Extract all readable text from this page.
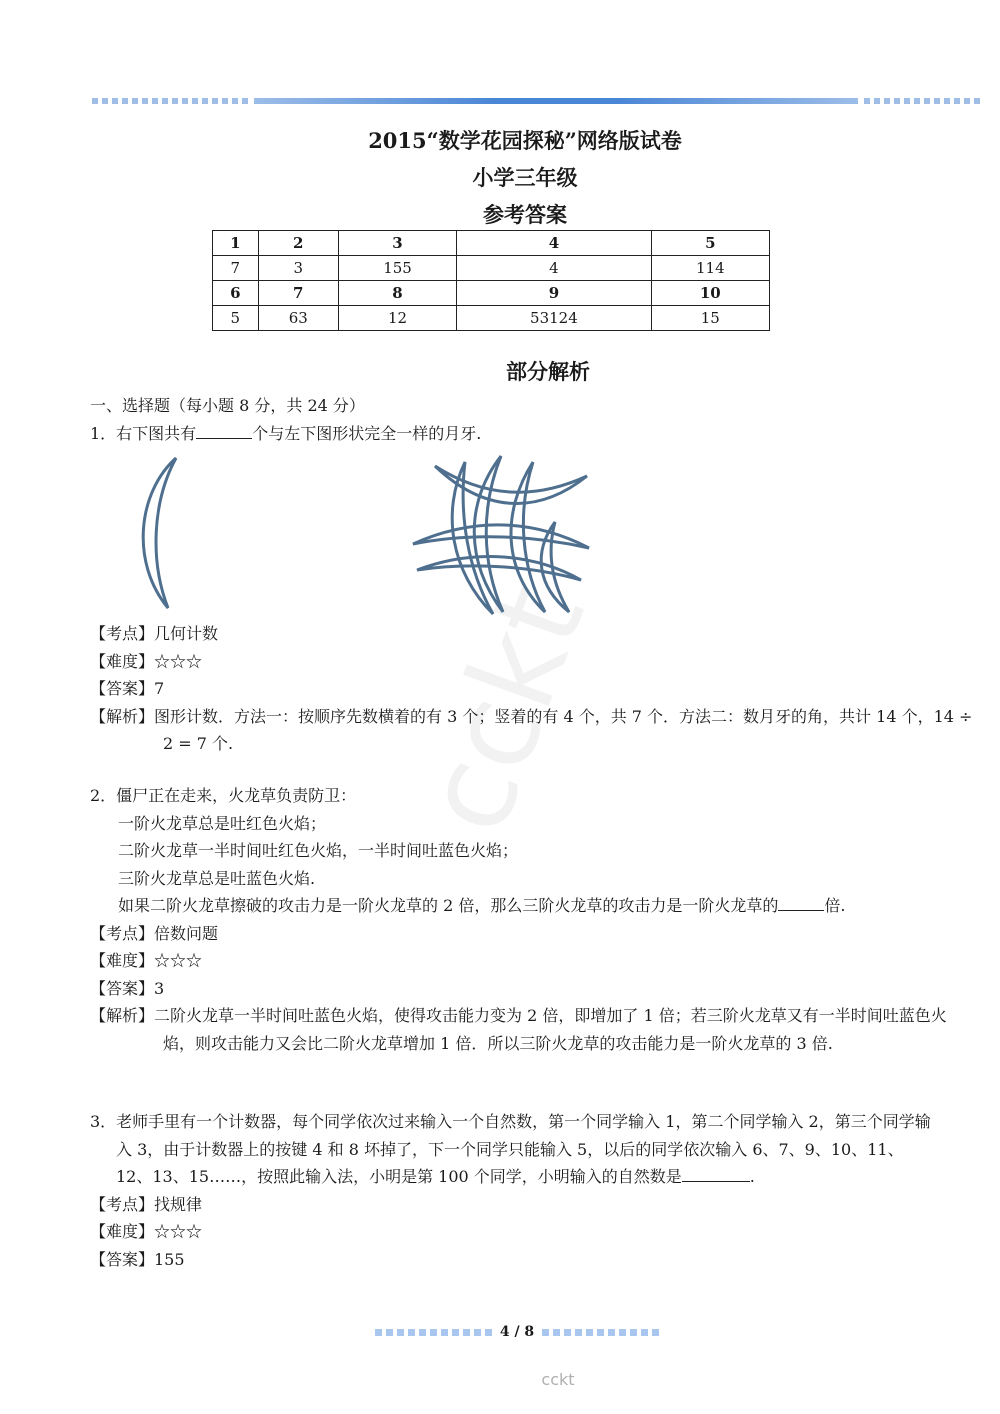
cckt
2015“数学花园探秘”网络版试卷
小学三年级
参考答案
1	2	3	4	5
7	3	155	4	114
6	7	8	9	10
5	63	12	53124	15
部分解析
一、选择题（每小题 8 分，共 24 分）
1．右下图共有	个与左下图形状完全一样的月牙.
【考点】几何计数
【难度】☆☆☆
【答案】7
【解析】图形计数．方法一：按顺序先数横着的有 3 个；竖着的有 4 个，共 7 个．方法二：数月牙的角，共计 14 个，14 ÷ 2 = 7 个.
2．僵尸正在走来，火龙草负责防卫：
一阶火龙草总是吐红色火焰；
二阶火龙草一半时间吐红色火焰，一半时间吐蓝色火焰；
三阶火龙草总是吐蓝色火焰.
如果二阶火龙草擦破的攻击力是一阶火龙草的 2 倍，那么三阶火龙草的攻击力是一阶火龙草的	倍.
【考点】倍数问题
【难度】☆☆☆
【答案】3
【解析】二阶火龙草一半时间吐蓝色火焰，使得攻击能力变为 2 倍，即增加了 1 倍；若三阶火龙草又有一半时间吐蓝色火焰，则攻击能力又会比二阶火龙草增加 1 倍．所以三阶火龙草的攻击能力是一阶火龙草的 3 倍.
3．老师手里有一个计数器，每个同学依次过来输入一个自然数，第一个同学输入 1，第二个同学输入 2，第三个同学输入 3，由于计数器上的按键 4 和 8 坏掉了，下一个同学只能输入 5，以后的同学依次输入 6、7、9、10、11、12、13、15……，按照此输入法，小明是第 100 个同学，小明输入的自然数是	.
【考点】找规律
【难度】☆☆☆
【答案】155
4 / 8
cckt
